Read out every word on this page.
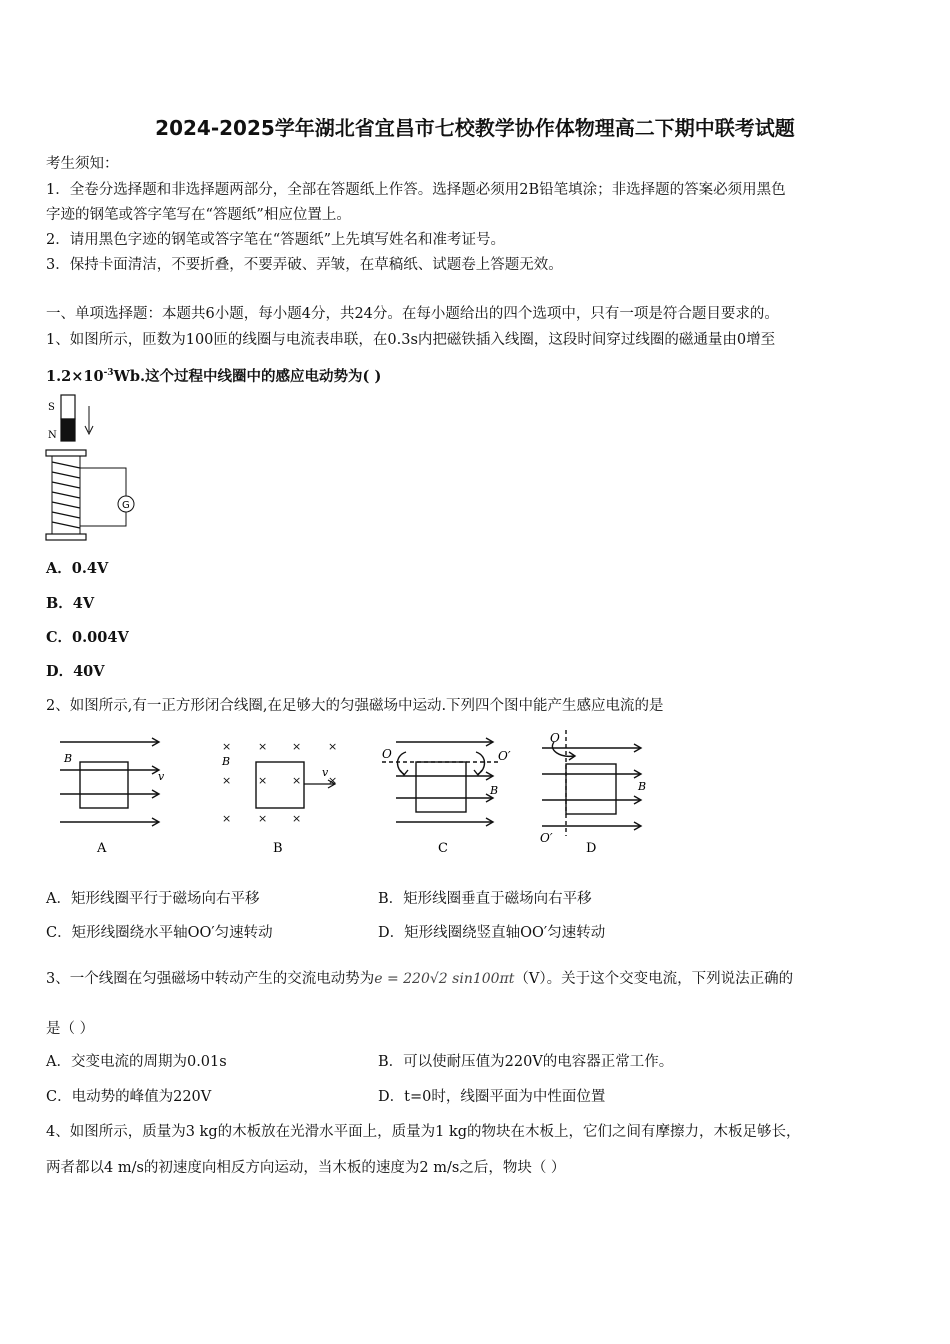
2024-2025学年湖北省宜昌市七校教学协作体物理高二下期中联考试题
考生须知：
1．全卷分选择题和非选择题两部分，全部在答题纸上作答。选择题必须用2B铅笔填涂；非选择题的答案必须用黑色
字迹的钢笔或答字笔写在“答题纸”相应位置上。
2．请用黑色字迹的钢笔或答字笔在“答题纸”上先填写姓名和准考证号。
3．保持卡面清洁，不要折叠，不要弄破、弄皱，在草稿纸、试题卷上答题无效。
一、单项选择题：本题共6小题，每小题4分，共24分。在每小题给出的四个选项中，只有一项是符合题目要求的。
1、如图所示，匝数为100匝的线圈与电流表串联，在0.3s内把磁铁插入线圈，这段时间穿过线圈的磁通量由0增至
$1.2\times 10^{-3}Wb$.这个过程中线圈中的感应电动势为( )
S
N
G
A．0.4V
B．4V
C．0.004V
D．40V
2、如图所示,有一正方形闭合线圈,在足够大的匀强磁场中运动.下列四个图中能产生感应电流的是
B
v
A
× × × ×
× × × ×
× ×
×
B
v
B
O	O′
B
C
O
O′
B
D
A．矩形线圈平行于磁场向右平移	B．矩形线圈垂直于磁场向右平移
C．矩形线圈绕水平轴OO′匀速转动	D．矩形线圈绕竖直轴OO′匀速转动
3、一个线圈在匀强磁场中转动产生的交流电动势为e = 220√2 sin100πt（V）。关于这个交变电流，下列说法正确的
是（ ）
A．交变电流的周期为0.01s	B．可以使耐压值为220V的电容器正常工作。
C．电动势的峰值为220V	D．t=0时，线圈平面为中性面位置
4、如图所示，质量为3 kg的木板放在光滑水平面上，质量为1 kg的物块在木板上，它们之间有摩擦力，木板足够长，
两者都以4 m/s的初速度向相反方向运动，当木板的速度为2 m/s之后，物块（ ）
